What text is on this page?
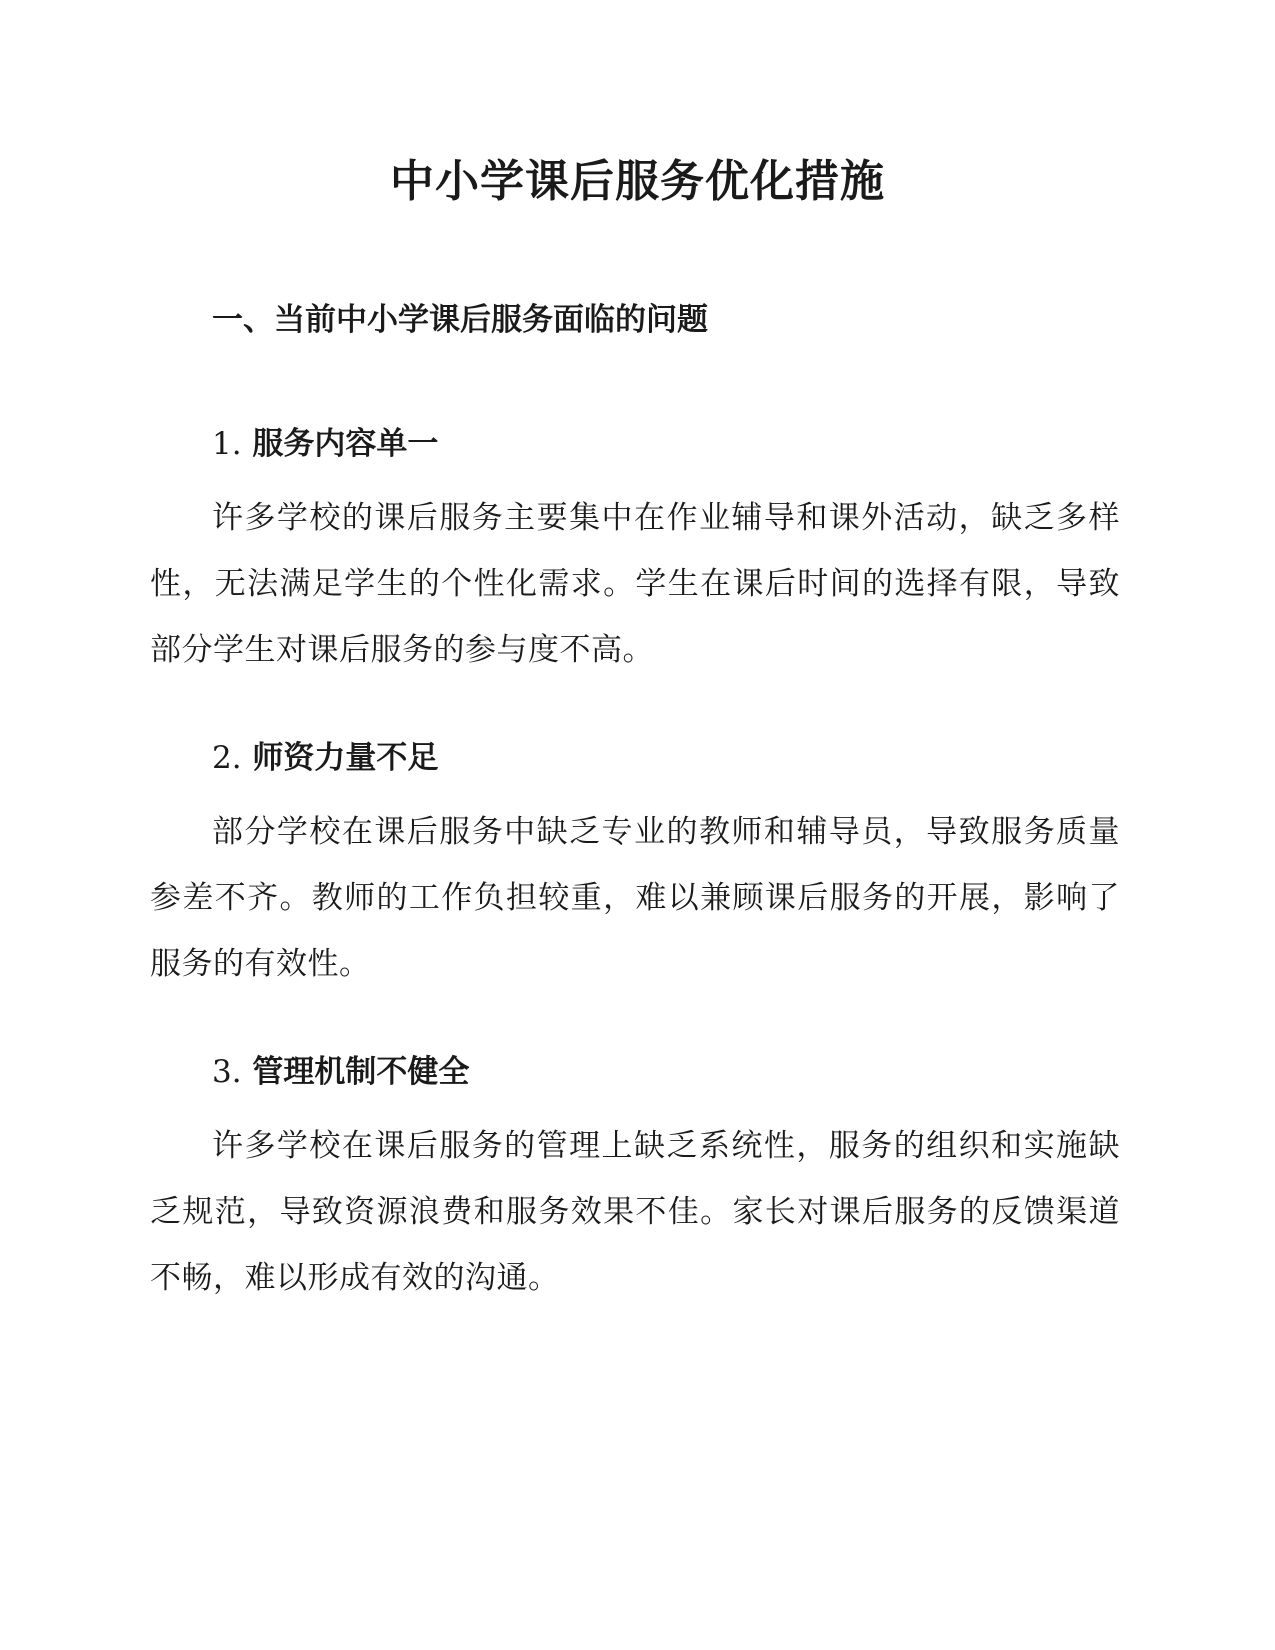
中小学课后服务优化措施
一、当前中小学课后服务面临的问题
1. 服务内容单一

许多学校的课后服务主要集中在作业辅导和课外活动，缺乏多样性，无法满足学生的个性化需求。学生在课后时间的选择有限，导致部分学生对课后服务的参与度不高。

2. 师资力量不足

部分学校在课后服务中缺乏专业的教师和辅导员，导致服务质量参差不齐。教师的工作负担较重，难以兼顾课后服务的开展，影响了服务的有效性。

3. 管理机制不健全

许多学校在课后服务的管理上缺乏系统性，服务的组织和实施缺乏规范，导致资源浪费和服务效果不佳。家长对课后服务的反馈渠道不畅，难以形成有效的沟通。
